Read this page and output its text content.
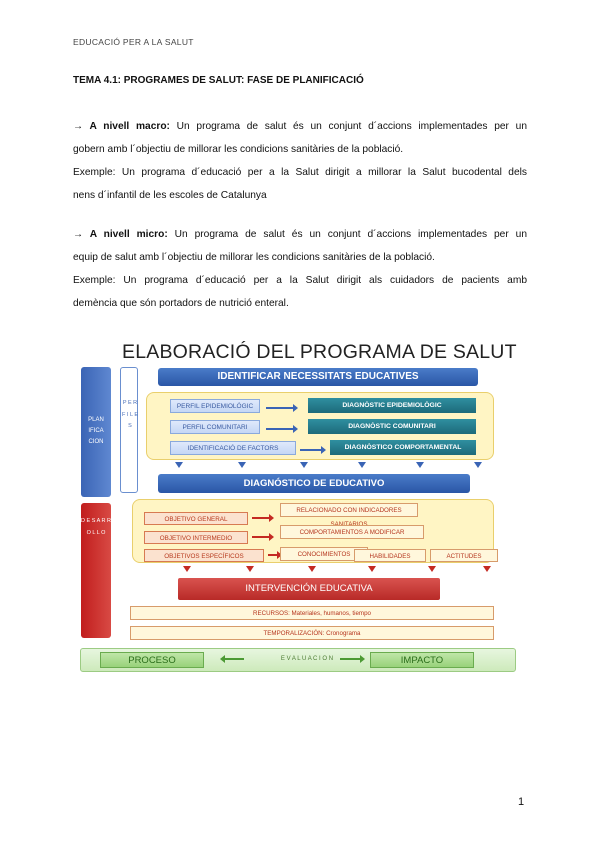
EDUCACIÓ PER A LA SALUT
TEMA 4.1: PROGRAMES DE SALUT: FASE DE PLANIFICACIÓ
→ A nivell macro: Un programa de salut és un conjunt d´accions implementades per un
gobern amb l´objectiu de millorar les condicions sanitàries de la població.
Exemple: Un programa d´educació per a la Salut dirigit a millorar la Salut bucodental dels
nens d´infantil de les escoles de Catalunya
→ A nivell micro: Un programa de salut és un conjunt d´accions implementades per un
equip de salut amb l´objectiu de millorar les condicions sanitàries de la població.
Exemple: Un programa d´educació per a la Salut dirigit als cuidadors de pacients amb
demència que són portadors de nutrició enteral.
ELABORACIÓ DEL PROGRAMA DE SALUT
PLAN IFICA CION
P E R F I L E S
IDENTIFICAR NECESSITATS EDUCATIVES
PERFIL EPIDEMIOLÓGIC
PERFIL COMUNITARI
IDENTIFICACIÓ DE FACTORS
DIAGNÒSTIC EPIDEMIOLÒGIC
DIAGNÒSTIC COMUNITARI
DIAGNÒSTICO COMPORTAMENTAL
DIAGNÓSTICO DE EDUCATIVO
D E S A R R O L L O
OBJETIVO GENERAL
OBJETIVO INTERMEDIO
OBJETIVOS ESPECÍFICOS
RELACIONADO CON INDICADORES
COMPORTAMIENTOS A MODIFICAR
CONOCIMIENTOS	HABILIDADES	ACTITUDES
INTERVENCIÓN EDUCATIVA
RECURSOS: Materiales, humanos, tiempo
TEMPORALIZACIÓN: Cronograma
PROCESO	E V A L U A C I O N	IMPACTO
1
